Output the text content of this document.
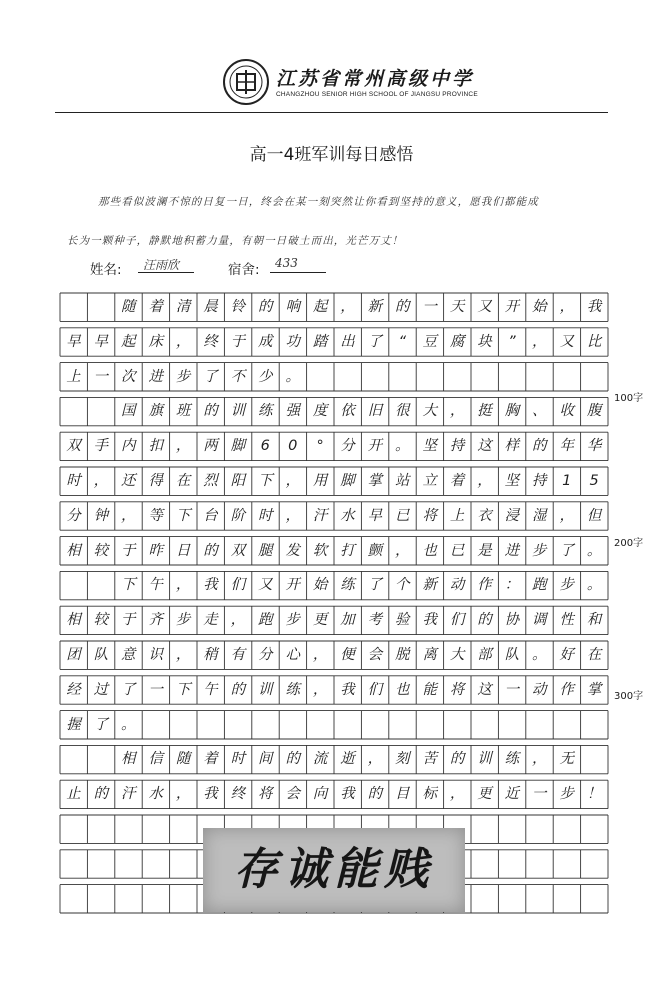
江苏省常州高级中学
CHANGZHOU SENIOR HIGH SCHOOL OF JIANGSU PROVINCE
高一4班军训每日感悟
那些看似波澜不惊的日复一日，终会在某一刻突然让你看到坚持的意义，愿我们都能成
长为一颗种子，静默地积蓄力量，有朝一日破土而出，光芒万丈！
姓名: 汪雨欣	宿舍: 433
随 着 清 晨 铃 的 响 起 ， 新 的 一 天 又 开 始 ， 我
早 早 起 床 ， 终 于 成 功 踏 出 了	“	豆 腐 块	”	， 又 比
上 一 次 进 步 了 不 少 。
国 旗 班 的 训 练 强 度 依 旧 很 大 ， 挺 胸 、 收 腹
双 手 内 扣 ， 两 脚	6	0	°	分 开 。 坚 持 这 样 的 年 华
时 ， 还 得 在 烈 阳 下 ， 用 脚 掌 站 立 着 ， 坚 持	1	5
分 钟 ， 等 下 台 阶 时 ， 汗 水 早 已 将 上 衣 浸 湿 ， 但
相 较 于 昨 日 的 双 腿 发 软 打 颤 ， 也 已 是 进 步 了 。
下 午 ， 我 们 又 开 始 练 了 个 新 动 作 ： 跑 步 。
相 较 于 齐 步 走 ， 跑 步 更 加 考 验 我 们 的 协 调 性 和
团 队 意 识 ， 稍 有 分 心 ， 便 会 脱 离 大 部 队 。 好 在
经 过 了 一 下 午 的 训 练 ， 我 们 也 能 将 这 一 动 作 掌
握 了 。
相 信 随 着 时 间 的 流 逝 ， 刻 苦 的 训 练 ， 无
止 的 汗 水 ， 我 终 将 会 向 我 的 目 标 ， 更 近 一 步 ！
100字
200字
300字
存诚能贱
